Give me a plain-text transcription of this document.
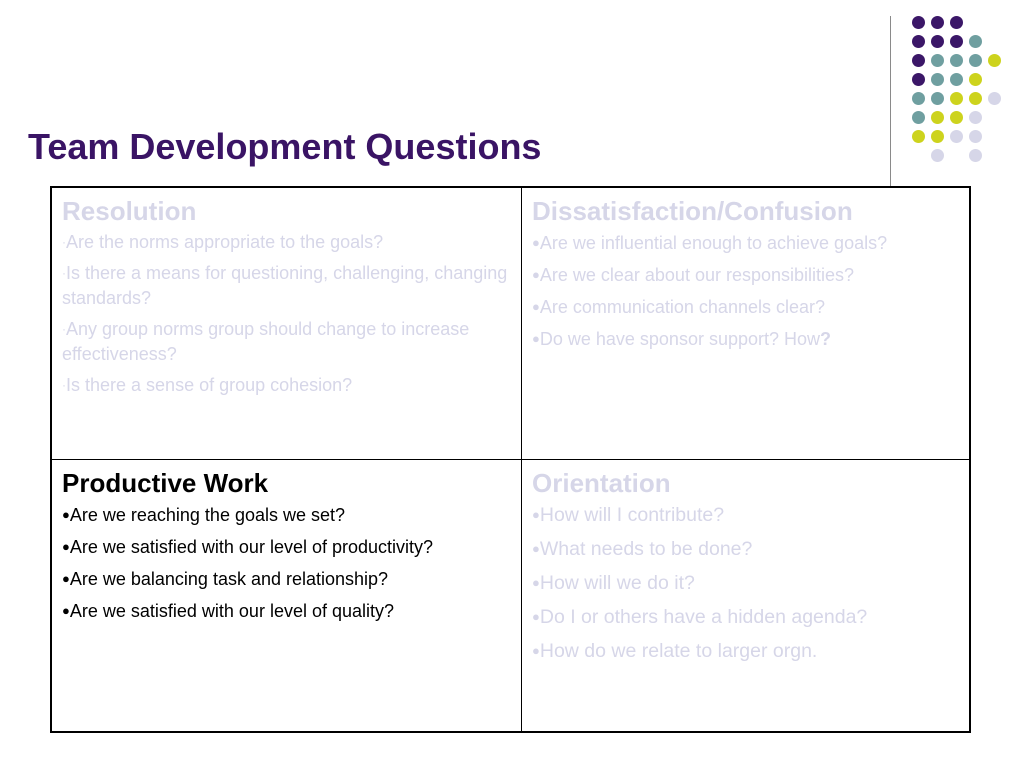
Team Development Questions
Resolution
·Are the norms appropriate to the goals?
·Is there a means for questioning, challenging, changing standards?
·Any group norms group should change to increase effectiveness?
·Is there a sense of group cohesion?
Dissatisfaction/Confusion
●Are we influential enough to achieve goals?
●Are we clear about our responsibilities?
●Are communication channels clear?
●Do we have sponsor support? How?
Productive Work
●Are we reaching the goals we set?
●Are we satisfied with our level of productivity?
●Are we balancing task and relationship?
●Are we satisfied with our level of quality?
Orientation
●How will I contribute?
●What needs to be done?
●How will we do it?
●Do I or others have a hidden agenda?
●How do we relate to larger orgn.
